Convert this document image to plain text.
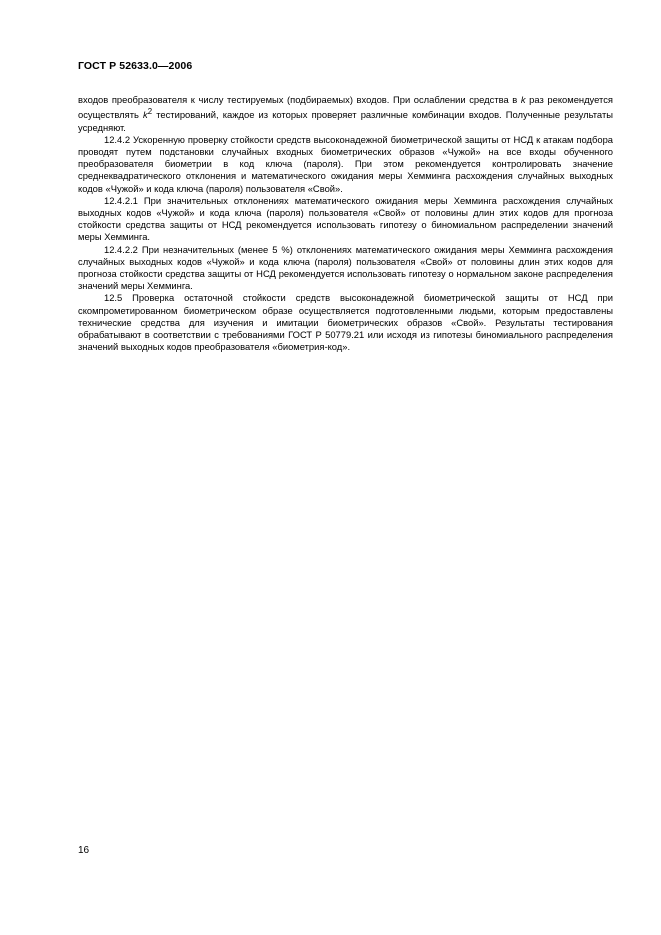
ГОСТ Р 52633.0—2006

входов преобразователя к числу тестируемых (подбираемых) входов. При ослаблении средства в k раз рекомендуется осуществлять $k^2$ тестирований, каждое из которых проверяет различные комбинации входов. Полученные результаты усредняют.

12.4.2 Ускоренную проверку стойкости средств высоконадежной биометрической защиты от НСД к атакам подбора проводят путем подстановки случайных входных биометрических образов «Чужой» на все входы обученного преобразователя биометрии в код ключа (пароля). При этом рекомендуется контролировать значение среднеквадратического отклонения и математического ожидания меры Хемминга расхождения случайных выходных кодов «Чужой» и кода ключа (пароля) пользователя «Свой».

12.4.2.1 При значительных отклонениях математического ожидания меры Хемминга расхождения случайных выходных кодов «Чужой» и кода ключа (пароля) пользователя «Свой» от половины длин этих кодов для прогноза стойкости средства защиты от НСД рекомендуется использовать гипотезу о биномиальном распределении значений меры Хемминга.

12.4.2.2 При незначительных (менее 5 %) отклонениях математического ожидания меры Хемминга расхождения случайных выходных кодов «Чужой» и кода ключа (пароля) пользователя «Свой» от половины длин этих кодов для прогноза стойкости средства защиты от НСД рекомендуется использовать гипотезу о нормальном законе распределения значений меры Хемминга.

12.5 Проверка остаточной стойкости средств высоконадежной биометрической защиты от НСД при скомпрометированном биометрическом образе осуществляется подготовленными людьми, которым предоставлены технические средства для изучения и имитации биометрических образов «Свой». Результаты тестирования обрабатывают в соответствии с требованиями ГОСТ Р 50779.21 или исходя из гипотезы биномиального распределения значений выходных кодов преобразователя «биометрия-код».

16
